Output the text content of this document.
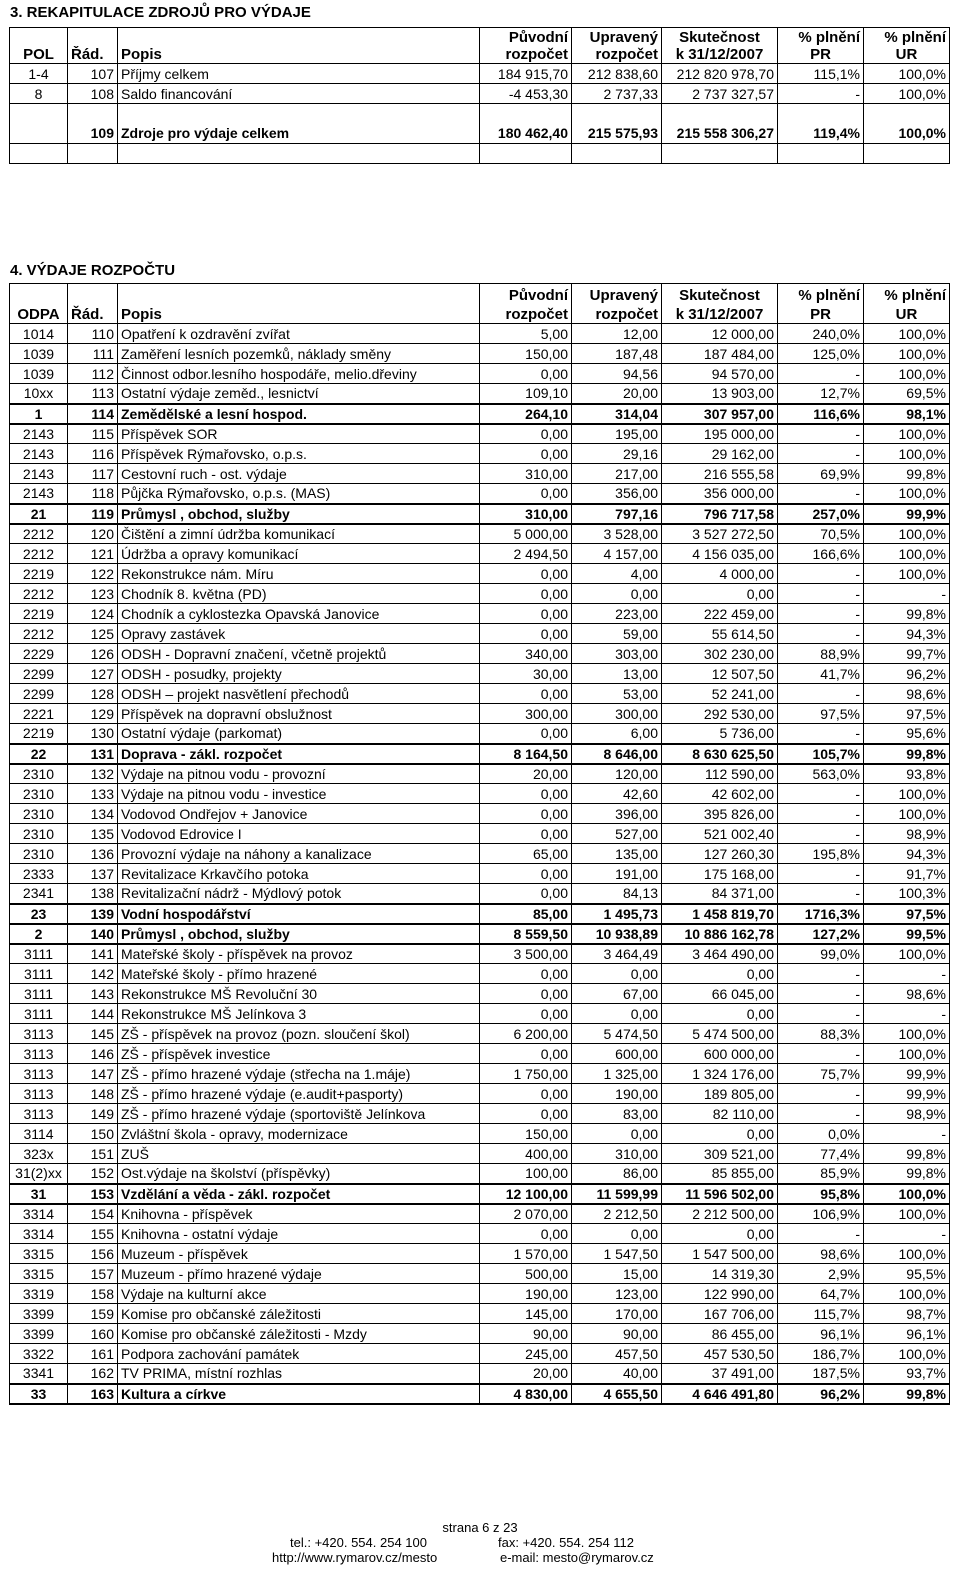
3. REKAPITULACE ZDROJŮ PRO VÝDAJE
			Původní	Upravený	Skutečnost	% plnění	% plnění
POL	Řád.	Popis	rozpočet	rozpočet	k 31/12/2007	PR	UR
1-4	107	Příjmy celkem	184 915,70	212 838,60	212 820 978,70	115,1%	100,0%
8	108	Saldo financování	-4 453,30	2 737,33	2 737 327,57	-	100,0%

	109	Zdroje pro výdaje celkem	180 462,40	215 575,93	215 558 306,27	119,4%	100,0%

4. VÝDAJE ROZPOČTU
			Původní	Upravený	Skutečnost	% plnění	% plnění
ODPA	Řád.	Popis	rozpočet	rozpočet	k 31/12/2007	PR	UR
1014	110	Opatření k ozdravění zvířat	5,00	12,00	12 000,00	240,0%	100,0%
1039	111	Zaměření lesních pozemků, náklady směny	150,00	187,48	187 484,00	125,0%	100,0%
1039	112	Činnost odbor.lesního hospodáře, melio.dřeviny	0,00	94,56	94 570,00	-	100,0%
10xx	113	Ostatní výdaje zeměd., lesnictví	109,10	20,00	13 903,00	12,7%	69,5%
1	114	Zemědělské a lesní hospod.	264,10	314,04	307 957,00	116,6%	98,1%
2143	115	Příspěvek SOR	0,00	195,00	195 000,00	-	100,0%
2143	116	Příspěvek Rýmařovsko, o.p.s.	0,00	29,16	29 162,00	-	100,0%
2143	117	Cestovní ruch - ost. výdaje	310,00	217,00	216 555,58	69,9%	99,8%
2143	118	Půjčka Rýmařovsko, o.p.s. (MAS)	0,00	356,00	356 000,00	-	100,0%
21	119	Průmysl , obchod, služby	310,00	797,16	796 717,58	257,0%	99,9%
2212	120	Čištění a zimní údržba komunikací	5 000,00	3 528,00	3 527 272,50	70,5%	100,0%
2212	121	Údržba a opravy komunikací	2 494,50	4 157,00	4 156 035,00	166,6%	100,0%
2219	122	Rekonstrukce nám. Míru	0,00	4,00	4 000,00	-	100,0%
2212	123	Chodník 8. května (PD)	0,00	0,00	0,00	-	-
2219	124	Chodník a cyklostezka Opavská Janovice	0,00	223,00	222 459,00	-	99,8%
2212	125	Opravy zastávek	0,00	59,00	55 614,50	-	94,3%
2229	126	ODSH - Dopravní značení, včetně projektů	340,00	303,00	302 230,00	88,9%	99,7%
2299	127	ODSH - posudky, projekty	30,00	13,00	12 507,50	41,7%	96,2%
2299	128	ODSH – projekt nasvětlení přechodů	0,00	53,00	52 241,00	-	98,6%
2221	129	Příspěvek na dopravní obslužnost	300,00	300,00	292 530,00	97,5%	97,5%
2219	130	Ostatní výdaje (parkomat)	0,00	6,00	5 736,00	-	95,6%
22	131	Doprava - zákl. rozpočet	8 164,50	8 646,00	8 630 625,50	105,7%	99,8%
2310	132	Výdaje na pitnou vodu - provozní	20,00	120,00	112 590,00	563,0%	93,8%
2310	133	Výdaje na pitnou vodu - investice	0,00	42,60	42 602,00	-	100,0%
2310	134	Vodovod Ondřejov + Janovice	0,00	396,00	395 826,00	-	100,0%
2310	135	Vodovod Edrovice I	0,00	527,00	521 002,40	-	98,9%
2310	136	Provozní výdaje na náhony a kanalizace	65,00	135,00	127 260,30	195,8%	94,3%
2333	137	Revitalizace Krkavčího potoka	0,00	191,00	175 168,00	-	91,7%
2341	138	Revitalizační nádrž - Mýdlový potok	0,00	84,13	84 371,00	-	100,3%
23	139	Vodní hospodářství	85,00	1 495,73	1 458 819,70	1716,3%	97,5%
2	140	Průmysl , obchod, služby	8 559,50	10 938,89	10 886 162,78	127,2%	99,5%
3111	141	Mateřské školy - příspěvek na provoz	3 500,00	3 464,49	3 464 490,00	99,0%	100,0%
3111	142	Mateřské školy - přímo hrazené	0,00	0,00	0,00	-	-
3111	143	Rekonstrukce MŠ Revoluční 30	0,00	67,00	66 045,00	-	98,6%
3111	144	Rekonstrukce MŠ Jelínkova 3	0,00	0,00	0,00	-	-
3113	145	ZŠ - příspěvek na provoz (pozn. sloučení škol)	6 200,00	5 474,50	5 474 500,00	88,3%	100,0%
3113	146	ZŠ - příspěvek investice	0,00	600,00	600 000,00	-	100,0%
3113	147	ZŠ - přímo hrazené výdaje (střecha na 1.máje)	1 750,00	1 325,00	1 324 176,00	75,7%	99,9%
3113	148	ZŠ - přímo hrazené výdaje (e.audit+pasporty)	0,00	190,00	189 805,00	-	99,9%
3113	149	ZŠ - přímo hrazené výdaje (sportoviště Jelínkova	0,00	83,00	82 110,00	-	98,9%
3114	150	Zvláštní škola - opravy, modernizace	150,00	0,00	0,00	0,0%	-
323x	151	ZUŠ	400,00	310,00	309 521,00	77,4%	99,8%
31(2)xx	152	Ost.výdaje na školství (příspěvky)	100,00	86,00	85 855,00	85,9%	99,8%
31	153	Vzdělání a věda - zákl. rozpočet	12 100,00	11 599,99	11 596 502,00	95,8%	100,0%
3314	154	Knihovna - příspěvek	2 070,00	2 212,50	2 212 500,00	106,9%	100,0%
3314	155	Knihovna - ostatní výdaje	0,00	0,00	0,00	-	-
3315	156	Muzeum - příspěvek	1 570,00	1 547,50	1 547 500,00	98,6%	100,0%
3315	157	Muzeum - přímo hrazené výdaje	500,00	15,00	14 319,30	2,9%	95,5%
3319	158	Výdaje na kulturní akce	190,00	123,00	122 990,00	64,7%	100,0%
3399	159	Komise pro občanské záležitosti	145,00	170,00	167 706,00	115,7%	98,7%
3399	160	Komise pro občanské záležitosti - Mzdy	90,00	90,00	86 455,00	96,1%	96,1%
3322	161	Podpora zachování památek	245,00	457,50	457 530,50	186,7%	100,0%
3341	162	TV PRIMA, místní rozhlas	20,00	40,00	37 491,00	187,5%	93,7%
33	163	Kultura a církve	4 830,00	4 655,50	4 646 491,80	96,2%	99,8%
strana 6 z 23
tel.: +420. 554. 254 100	fax: +420. 554. 254 112
http://www.rymarov.cz/mesto	e-mail: mesto@rymarov.cz
